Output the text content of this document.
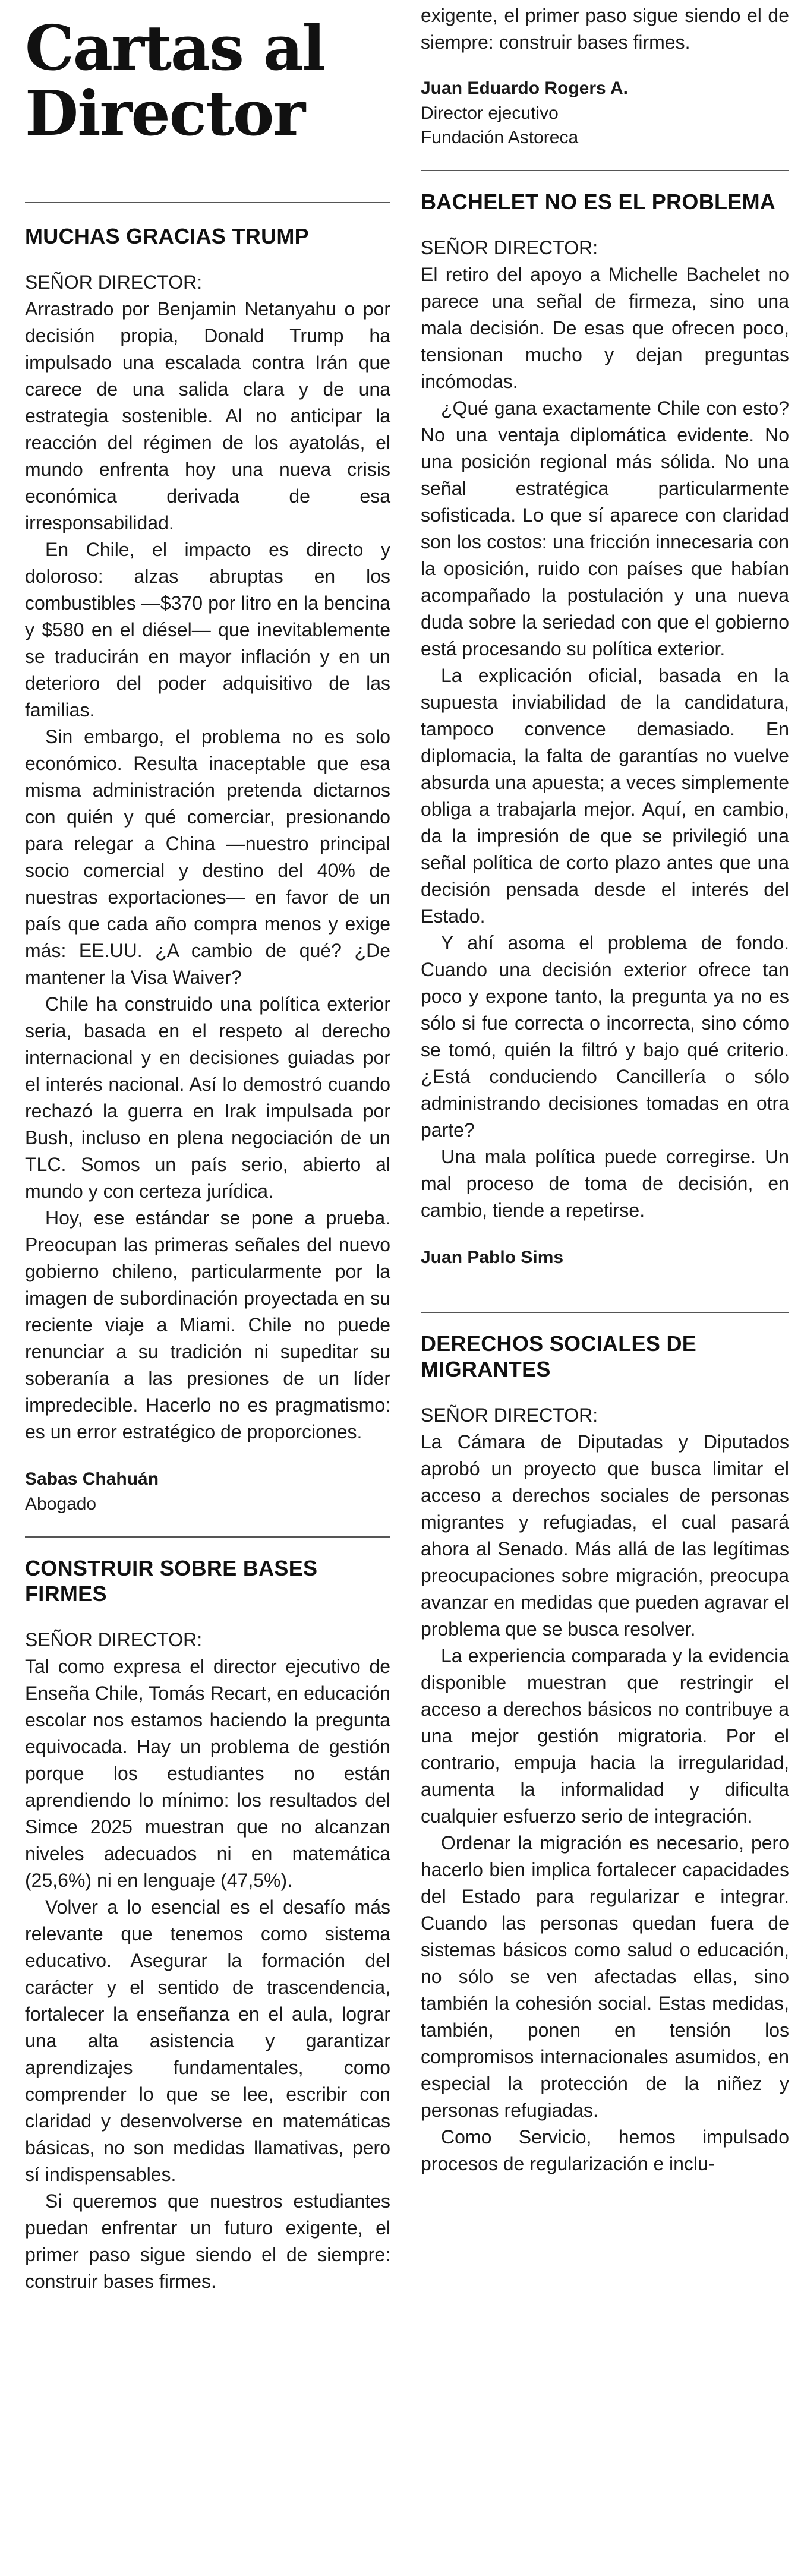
Cartas al
Director
MUCHAS GRACIAS TRUMP

SEÑOR DIRECTOR:

Arrastrado por Benjamin Netanyahu o por decisión propia, Donald Trump ha impulsado una escalada contra Irán que carece de una salida clara y de una estrategia sostenible. Al no anticipar la reacción del régimen de los ayatolás, el mundo enfrenta hoy una nueva crisis económica derivada de esa irresponsabilidad.

En Chile, el impacto es directo y doloroso: alzas abruptas en los combustibles —$370 por litro en la bencina y $580 en el diésel— que inevitablemente se traducirán en mayor inflación y en un deterioro del poder adquisitivo de las familias.

Sin embargo, el problema no es solo económico. Resulta inaceptable que esa misma administración pretenda dictarnos con quién y qué comerciar, presionando para relegar a China —nuestro principal socio comercial y destino del 40% de nuestras exportaciones— en favor de un país que cada año compra menos y exige más: EE.UU. ¿A cambio de qué? ¿De mantener la Visa Waiver?

Chile ha construido una política exterior seria, basada en el respeto al derecho internacional y en decisiones guiadas por el interés nacional. Así lo demostró cuando rechazó la guerra en Irak impulsada por Bush, incluso en plena negociación de un TLC. Somos un país serio, abierto al mundo y con certeza jurídica.

Hoy, ese estándar se pone a prueba. Preocupan las primeras señales del nuevo gobierno chileno, particularmente por la imagen de subordinación proyectada en su reciente viaje a Miami. Chile no puede renunciar a su tradición ni supeditar su soberanía a las presiones de un líder impredecible. Hacerlo no es pragmatismo: es un error estratégico de proporciones.

Sabas Chahuán

Abogado

CONSTRUIR SOBRE BASES FIRMES

SEÑOR DIRECTOR:

Tal como expresa el director ejecutivo de Enseña Chile, Tomás Recart, en educación escolar nos estamos haciendo la pregunta equivocada. Hay un problema de gestión porque los estudiantes no están aprendiendo lo mínimo: los resultados del Simce 2025 muestran que no alcanzan niveles adecuados ni en matemática (25,6%) ni en lenguaje (47,5%).

Volver a lo esencial es el desafío más relevante que tenemos como sistema educativo. Asegurar la formación del carácter y el sentido de trascendencia, fortalecer la enseñanza en el aula, lograr una alta asistencia y garantizar aprendizajes fundamentales, como comprender lo que se lee, escribir con claridad y desenvolverse en matemáticas básicas, no son medidas llamativas, pero sí indispensables.

Si queremos que nuestros estudiantes puedan enfrentar un futuro exigente, el primer paso sigue siendo el de siempre: construir bases firmes.

exigente, el primer paso sigue siendo el de siempre: construir bases firmes.

Juan Eduardo Rogers A.

Director ejecutivo

Fundación Astoreca

BACHELET NO ES EL PROBLEMA

SEÑOR DIRECTOR:

El retiro del apoyo a Michelle Bachelet no parece una señal de firmeza, sino una mala decisión. De esas que ofrecen poco, tensionan mucho y dejan preguntas incómodas.

¿Qué gana exactamente Chile con esto? No una ventaja diplomática evidente. No una posición regional más sólida. No una señal estratégica particularmente sofisticada. Lo que sí aparece con claridad son los costos: una fricción innecesaria con la oposición, ruido con países que habían acompañado la postulación y una nueva duda sobre la seriedad con que el gobierno está procesando su política exterior.

La explicación oficial, basada en la supuesta inviabilidad de la candidatura, tampoco convence demasiado. En diplomacia, la falta de garantías no vuelve absurda una apuesta; a veces simplemente obliga a trabajarla mejor. Aquí, en cambio, da la impresión de que se privilegió una señal política de corto plazo antes que una decisión pensada desde el interés del Estado.

Y ahí asoma el problema de fondo. Cuando una decisión exterior ofrece tan poco y expone tanto, la pregunta ya no es sólo si fue correcta o incorrecta, sino cómo se tomó, quién la filtró y bajo qué criterio. ¿Está conduciendo Cancillería o sólo administrando decisiones tomadas en otra parte?

Una mala política puede corregirse. Un mal proceso de toma de decisión, en cambio, tiende a repetirse.

Juan Pablo Sims

DERECHOS SOCIALES DE MIGRANTES

SEÑOR DIRECTOR:

La Cámara de Diputadas y Diputados aprobó un proyecto que busca limitar el acceso a derechos sociales de personas migrantes y refugiadas, el cual pasará ahora al Senado. Más allá de las legítimas preocupaciones sobre migración, preocupa avanzar en medidas que pueden agravar el problema que se busca resolver.

La experiencia comparada y la evidencia disponible muestran que restringir el acceso a derechos básicos no contribuye a una mejor gestión migratoria. Por el contrario, empuja hacia la irregularidad, aumenta la informalidad y dificulta cualquier esfuerzo serio de integración.

Ordenar la migración es necesario, pero hacerlo bien implica fortalecer capacidades del Estado para regularizar e integrar. Cuando las personas quedan fuera de sistemas básicos como salud o educación, no sólo se ven afectadas ellas, sino también la cohesión social. Estas medidas, también, ponen en tensión los compromisos internacionales asumidos, en especial la protección de la niñez y personas refugiadas.

Como Servicio, hemos impulsado procesos de regularización e inclu-
